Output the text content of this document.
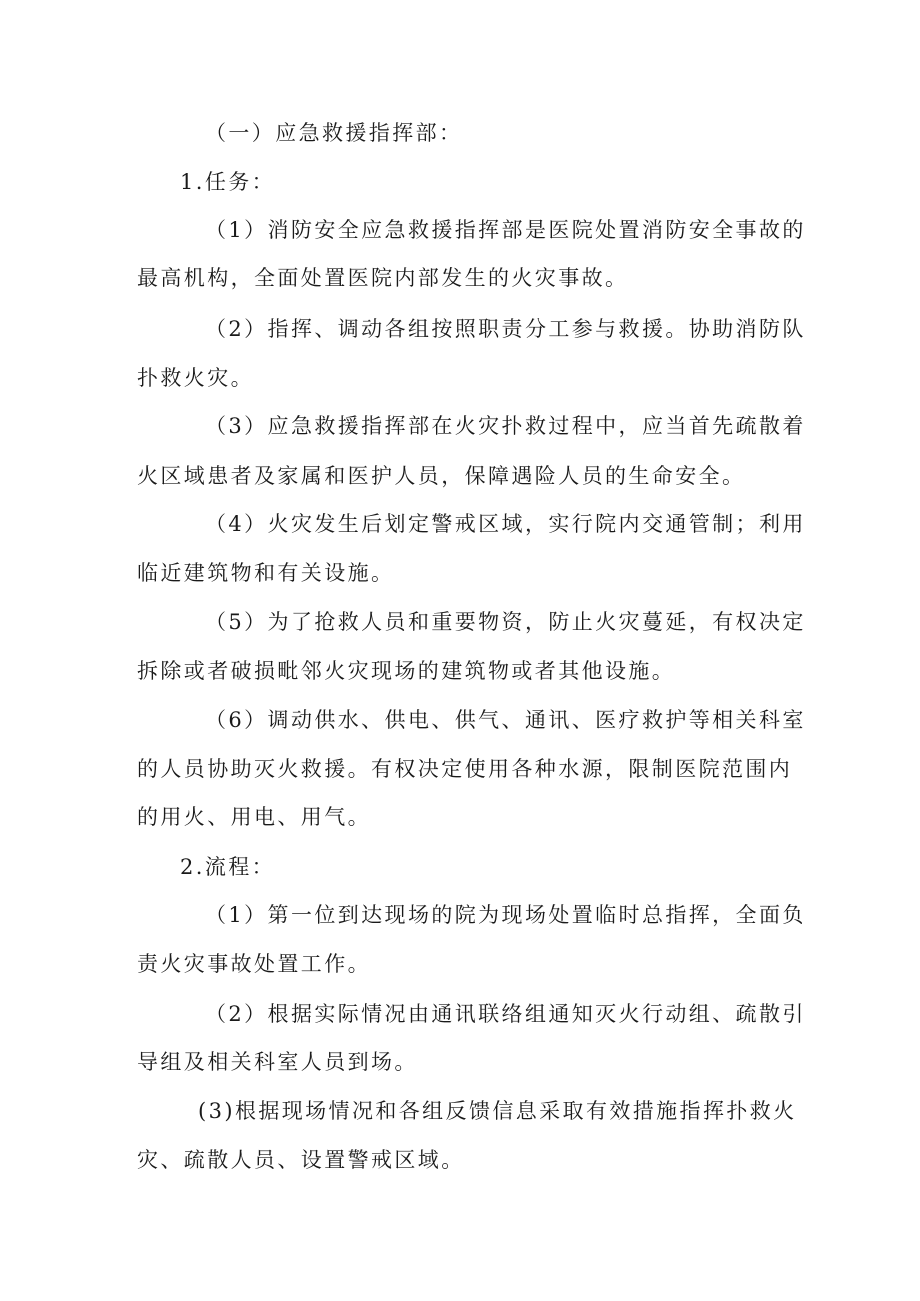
（一）应急救援指挥部：
1.任务：
（1）消防安全应急救援指挥部是医院处置消防安全事故的
最高机构，全面处置医院内部发生的火灾事故。
（2）指挥、调动各组按照职责分工参与救援。协助消防队
扑救火灾。
（3）应急救援指挥部在火灾扑救过程中，应当首先疏散着
火区域患者及家属和医护人员，保障遇险人员的生命安全。
（4）火灾发生后划定警戒区域，实行院内交通管制；利用
临近建筑物和有关设施。
（5）为了抢救人员和重要物资，防止火灾蔓延，有权决定
拆除或者破损毗邻火灾现场的建筑物或者其他设施。
（6）调动供水、供电、供气、通讯、医疗救护等相关科室
的人员协助灭火救援。有权决定使用各种水源，限制医院范围内
的用火、用电、用气。
2.流程：
（1）第一位到达现场的院为现场处置临时总指挥，全面负
责火灾事故处置工作。
（2）根据实际情况由通讯联络组通知灭火行动组、疏散引
导组及相关科室人员到场。
(3)根据现场情况和各组反馈信息采取有效措施指挥扑救火
灾、疏散人员、设置警戒区域。
